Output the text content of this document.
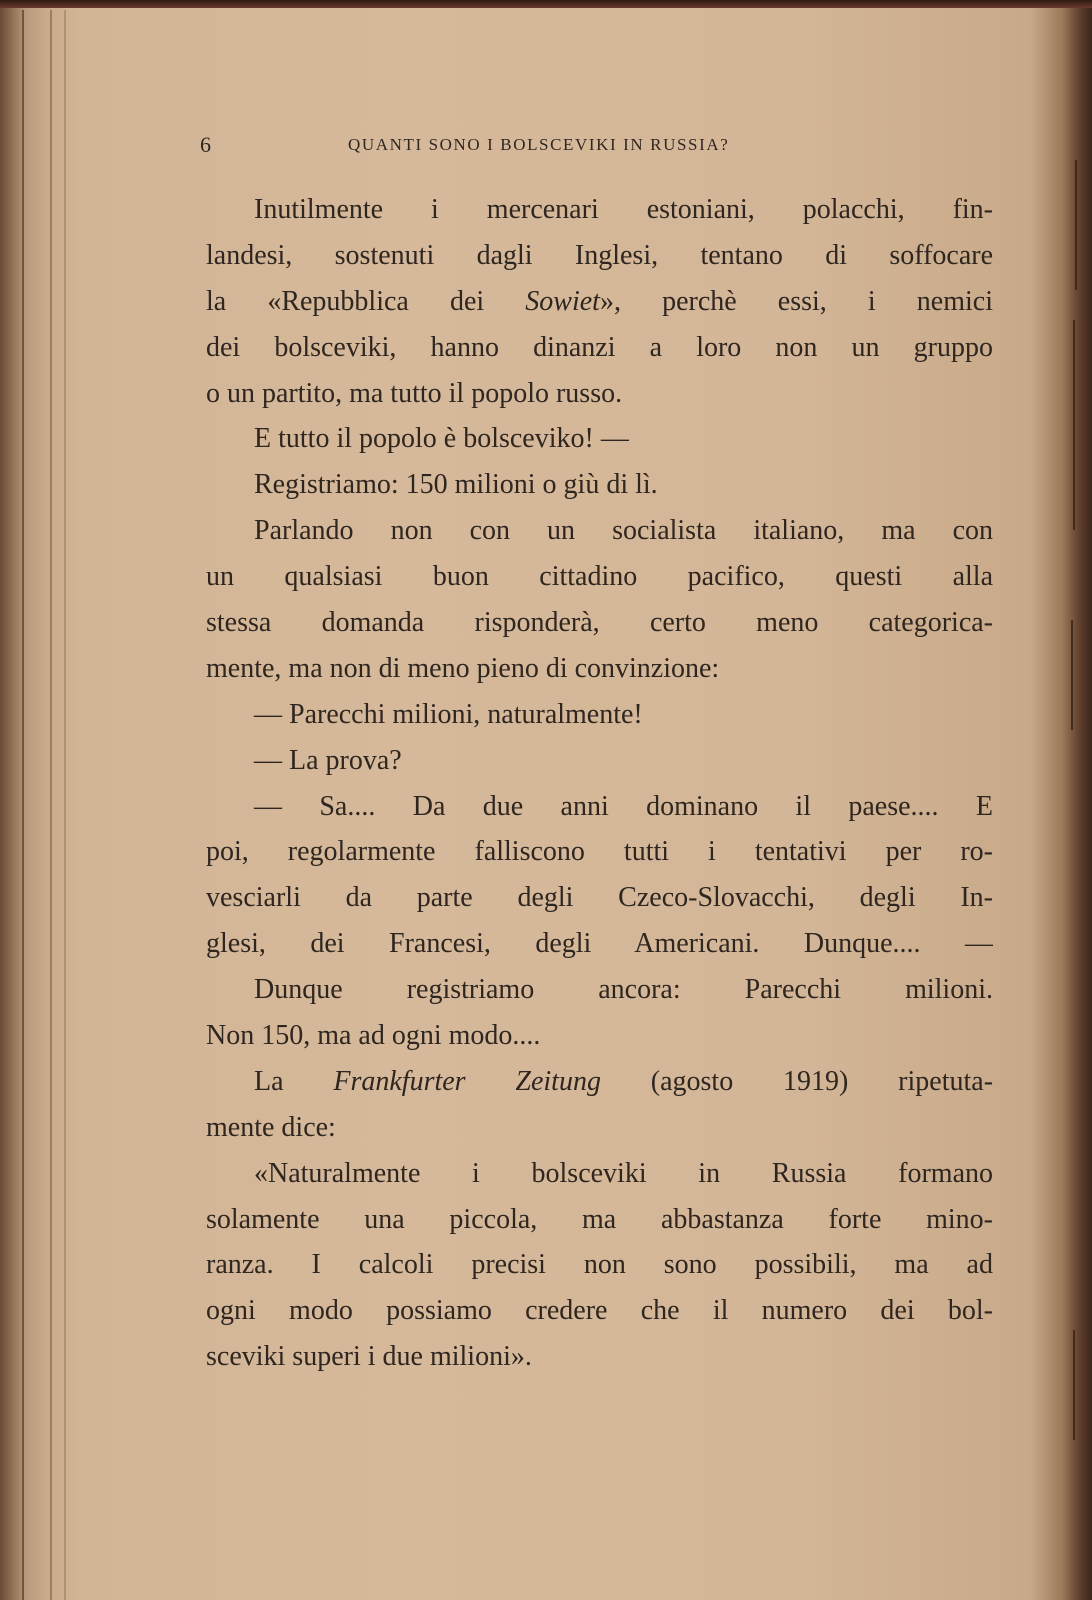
6	QUANTI SONO I BOLSCEVIKI IN RUSSIA?
Inutilmente i mercenari estoniani, polacchi, fin-
landesi, sostenuti dagli Inglesi, tentano di soffocare
la «Repubblica dei Sowiet», perchè essi, i nemici
dei bolsceviki, hanno dinanzi a loro non un gruppo
o un partito, ma tutto il popolo russo.
E tutto il popolo è bolsceviko! —
Registriamo: 150 milioni o giù di lì.
Parlando non con un socialista italiano, ma con
un qualsiasi buon cittadino pacifico, questi alla
stessa domanda risponderà, certo meno categorica-
mente, ma non di meno pieno di convinzione:
— Parecchi milioni, naturalmente!
— La prova?
— Sa.... Da due anni dominano il paese.... E
poi, regolarmente falliscono tutti i tentativi per ro-
vesciarli da parte degli Czeco-Slovacchi, degli In-
glesi, dei Francesi, degli Americani. Dunque.... —
Dunque registriamo ancora: Parecchi milioni.
Non 150, ma ad ogni modo....
La Frankfurter Zeitung (agosto 1919) ripetuta-
mente dice:
«Naturalmente i bolsceviki in Russia formano
solamente una piccola, ma abbastanza forte mino-
ranza. I calcoli precisi non sono possibili, ma ad
ogni modo possiamo credere che il numero dei bol-
sceviki superi i due milioni».
